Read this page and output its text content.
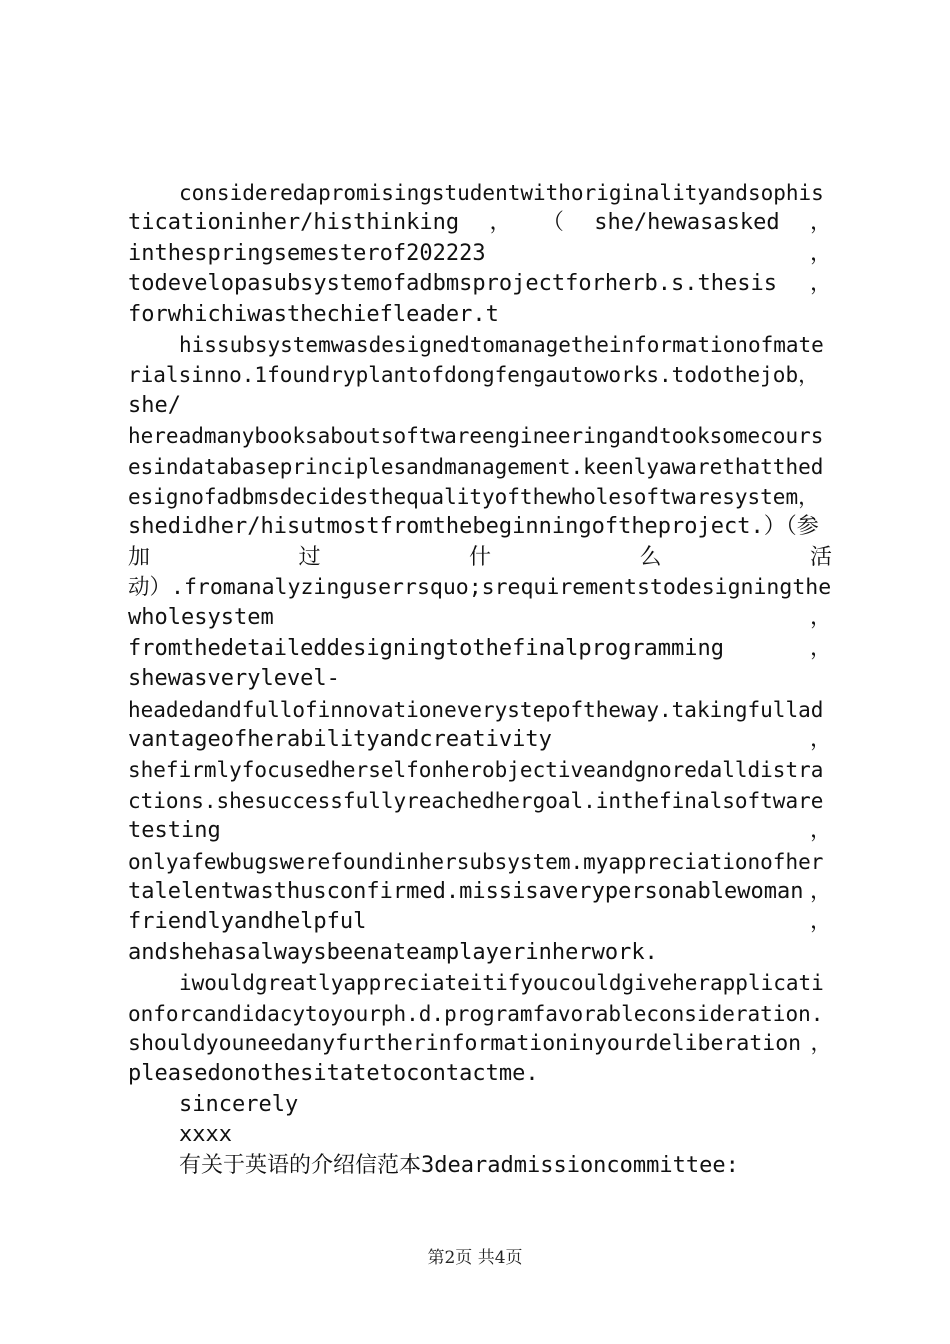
consideredapromisingstudentwithoriginalityandsophis
ticationinher/histhinking ， （ she/hewasasked ，
inthespringsemesterof202223	，
todevelopasubsystemofadbmsprojectforherb.s.thesis ，
forwhichiwasthechiefleader.t
hissubsystemwasdesignedtomanagetheinformationofmate
rialsinno.1foundryplantofdongfengautoworks.todothejob，
she/
hereadmanybooksaboutsoftwareengineeringandtooksomecours
esindatabaseprinciplesandmanagement.keenlyawarethatthed
esignofadbmsdecidesthequalityofthewholesoftwaresystem，
shedidher/hisutmostfromthebeginningoftheproject.）（参
加	过	什	么	活
动）.fromanalyzinguserrsquo;srequirementstodesigningthe
wholesystem	，
fromthedetaileddesigningtothefinalprogramming	，
shewasverylevel-
headedandfullofinnovationeverystepoftheway.takingfullad
vantageofherabilityandcreativity	，
shefirmlyfocusedherselfonherobjectiveandgnoredalldistra
ctions.shesuccessfullyreachedhergoal.inthefinalsoftware
testing	，
onlyafewbugswerefoundinhersubsystem.myappreciationofher
talelentwasthusconfirmed.missisaverypersonablewoman ，
friendlyandhelpful	，
andshehasalwaysbeenateamplayerinherwork.
iwouldgreatlyappreciateitifyoucouldgiveherapplicati
onforcandidacytoyourph.d.programfavorableconsideration.
shouldyouneedanyfurtherinformationinyourdeliberation ，
pleasedonothesitatetocontactme.
sincerely
xxxx
有关于英语的介绍信范本3dearadmissioncommittee:
第2页 共4页
